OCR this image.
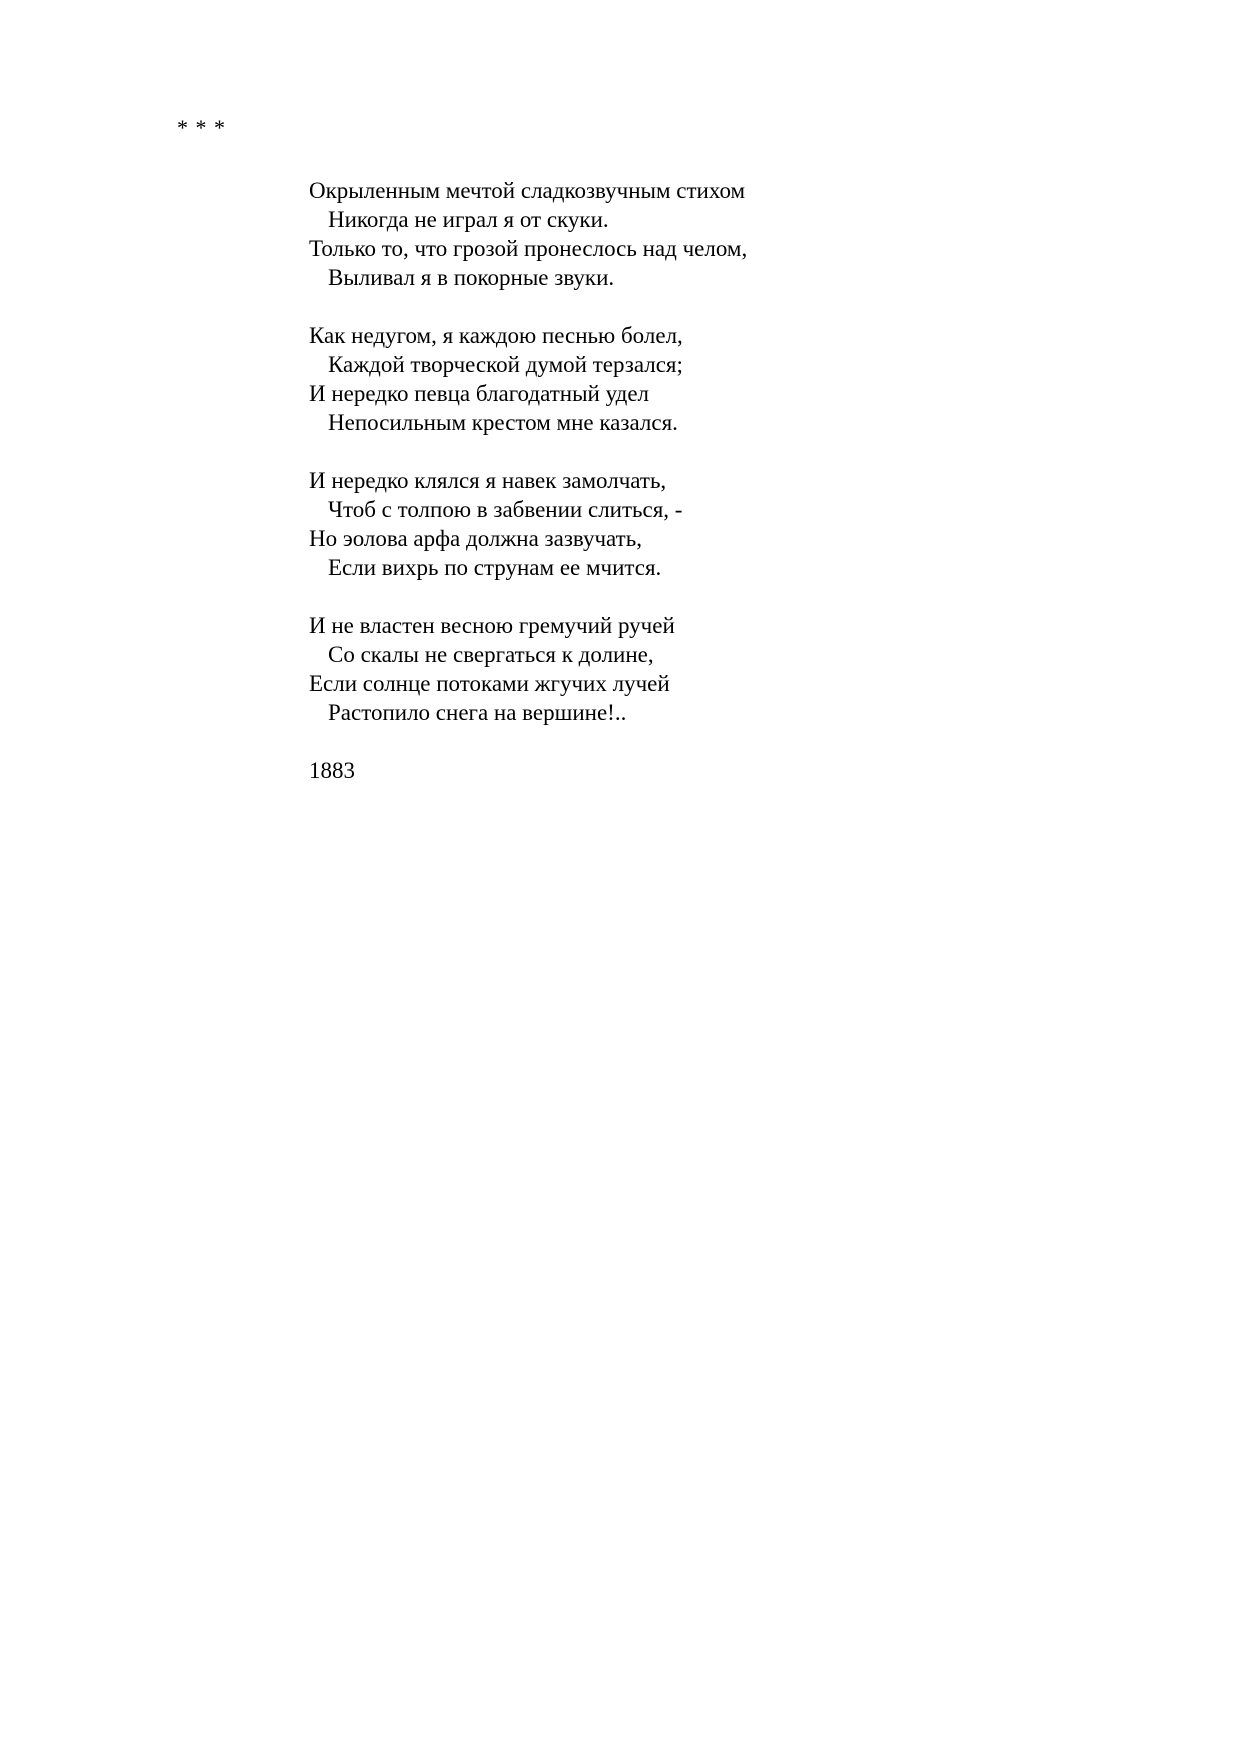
* * *
Окрыленным мечтой сладкозвучным стихом
Никогда не играл я от скуки.
Только то, что грозой пронеслось над челом,
Выливал я в покорные звуки.
Как недугом, я каждою песнью болел,
Каждой творческой думой терзался;
И нередко певца благодатный удел
Непосильным крестом мне казался.
И нередко клялся я навек замолчать,
Чтоб с толпою в забвении слиться, -
Но эолова арфа должна зазвучать,
Если вихрь по струнам ее мчится.
И не властен весною гремучий ручей
Со скалы не свергаться к долине,
Если солнце потоками жгучих лучей
Растопило снега на вершине!..
1883
